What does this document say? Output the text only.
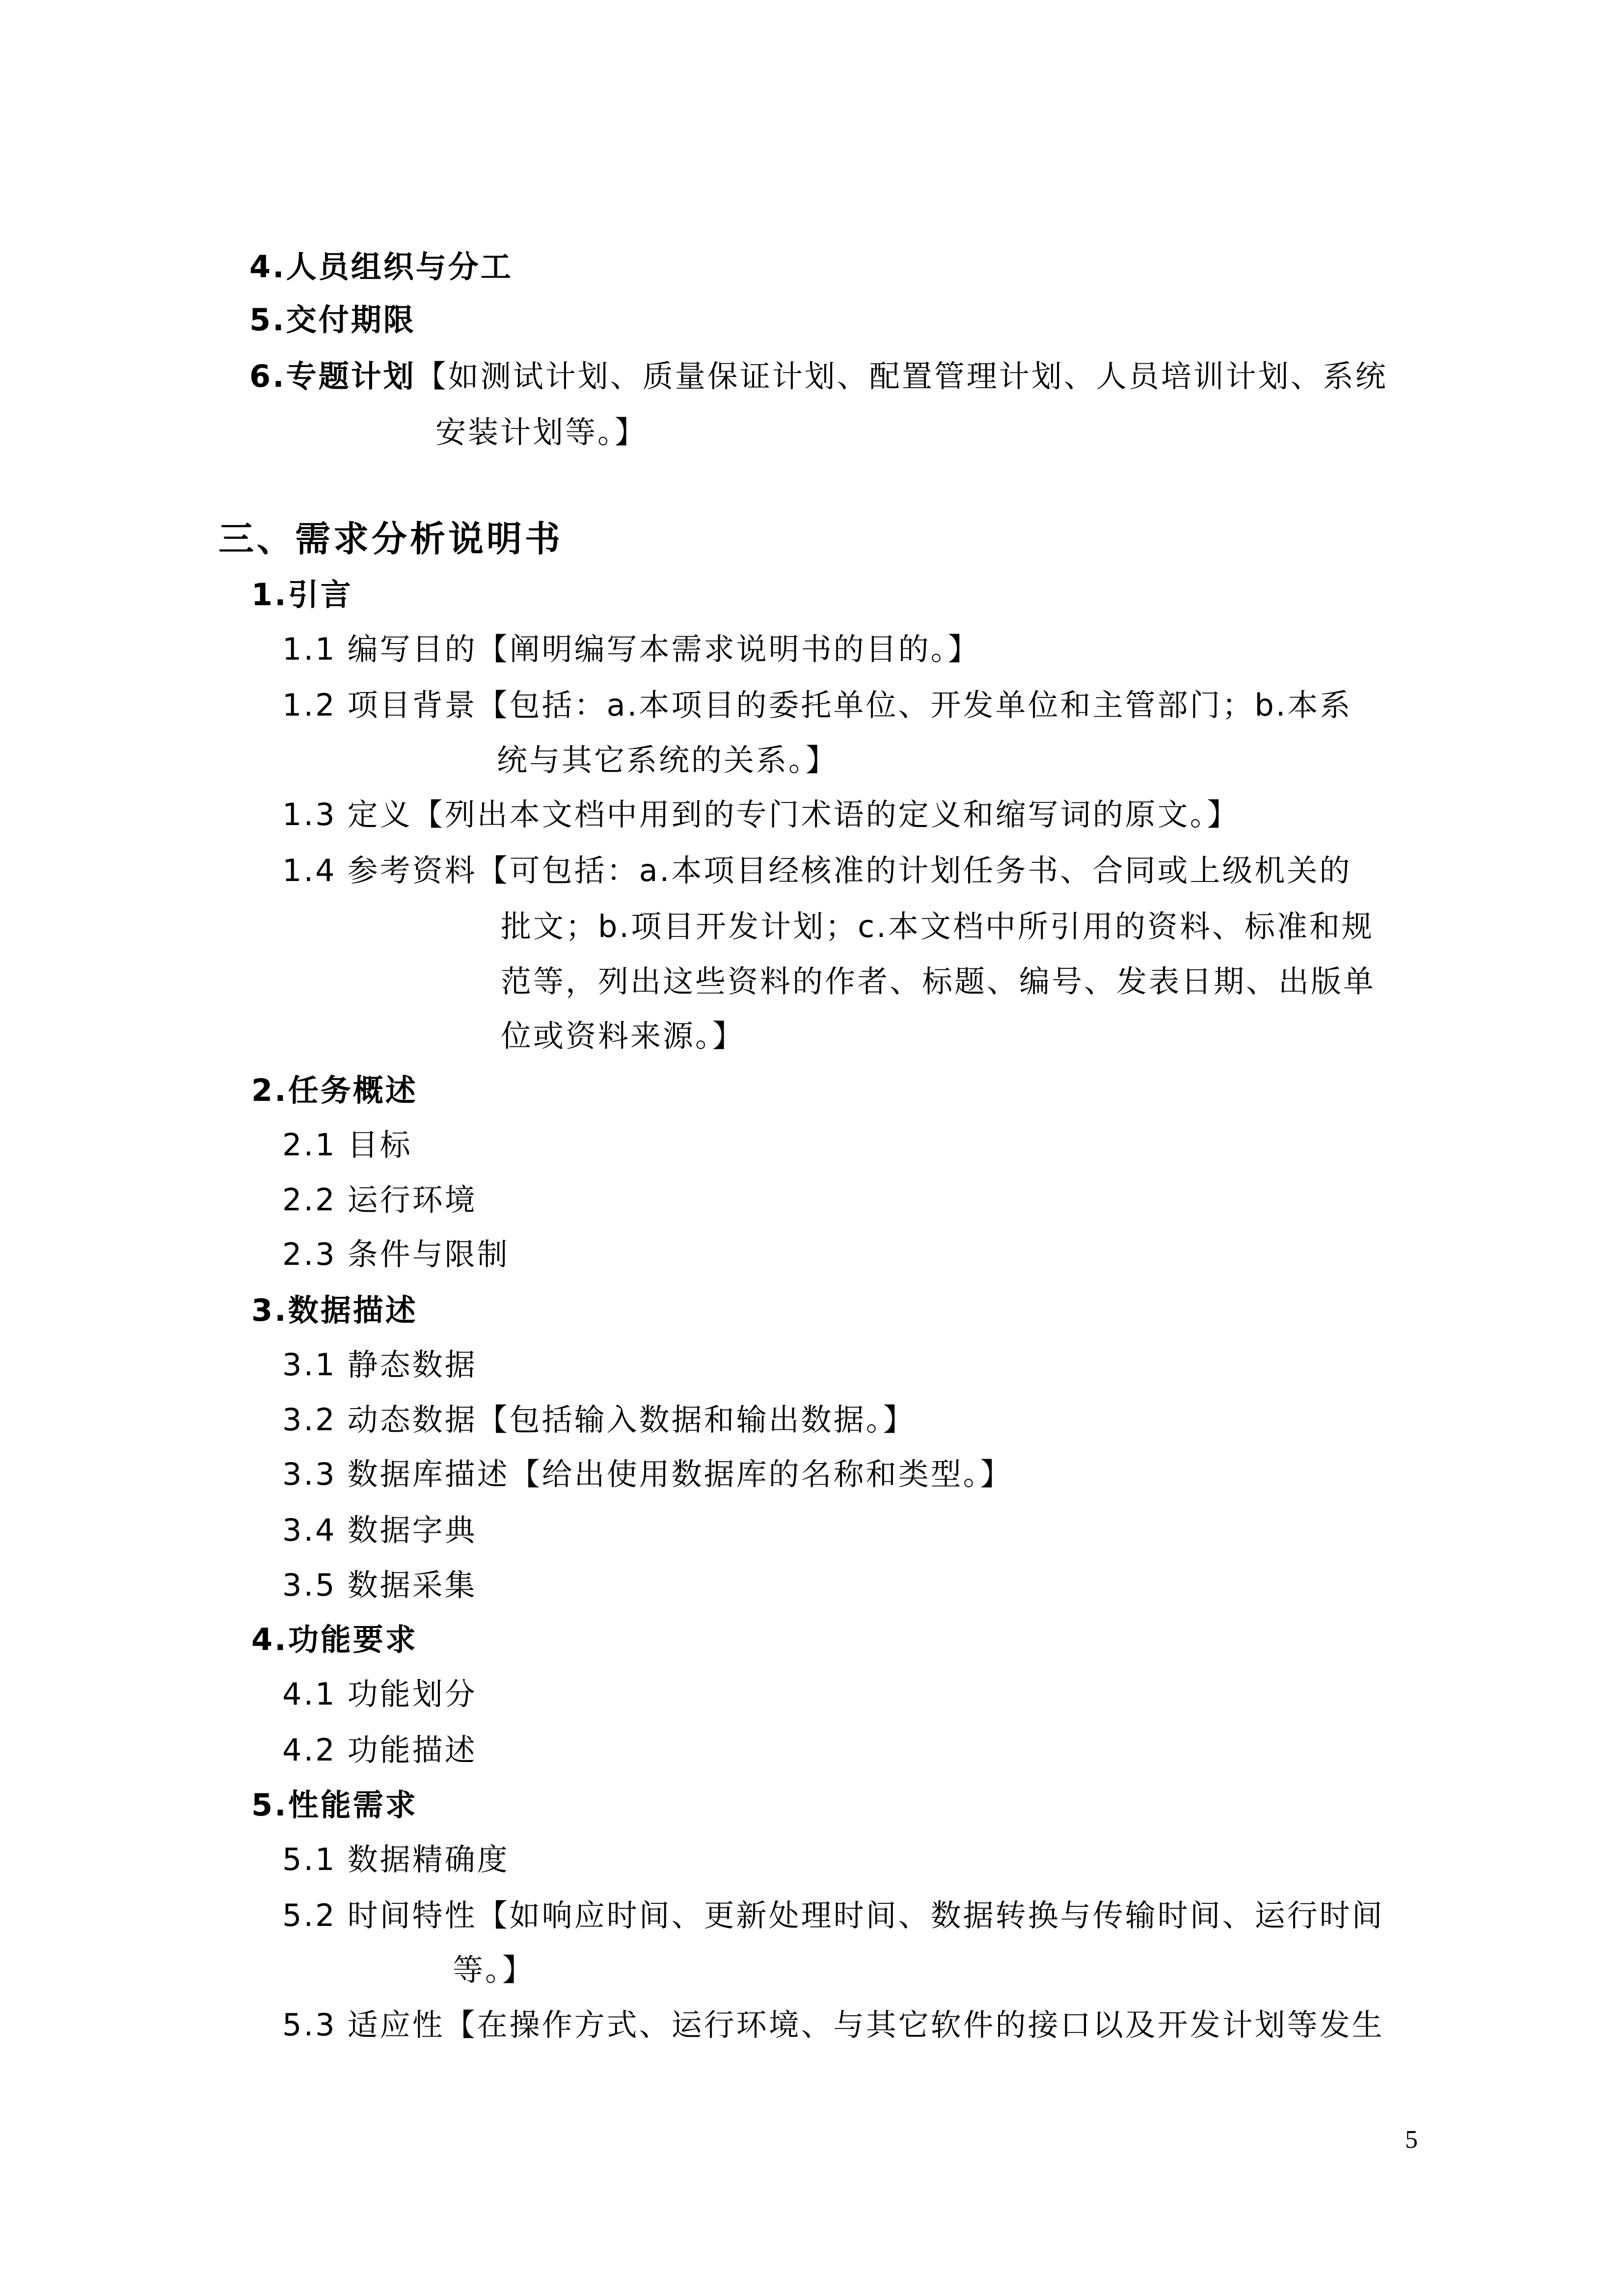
4.人员组织与分工
5.交付期限
6.专题计划【如测试计划、质量保证计划、配置管理计划、人员培训计划、系统
安装计划等。】
三、需求分析说明书
1.引言
1.1 编写目的【阐明编写本需求说明书的目的。】
1.2 项目背景【包括：a.本项目的委托单位、开发单位和主管部门；b.本系
统与其它系统的关系。】
1.3 定义【列出本文档中用到的专门术语的定义和缩写词的原文。】
1.4 参考资料【可包括：a.本项目经核准的计划任务书、合同或上级机关的
批文；b.项目开发计划；c.本文档中所引用的资料、标准和规
范等，列出这些资料的作者、标题、编号、发表日期、出版单
位或资料来源。】
2.任务概述
2.1 目标
2.2 运行环境
2.3 条件与限制
3.数据描述
3.1 静态数据
3.2 动态数据【包括输入数据和输出数据。】
3.3 数据库描述【给出使用数据库的名称和类型。】
3.4 数据字典
3.5 数据采集
4.功能要求
4.1 功能划分
4.2 功能描述
5.性能需求
5.1 数据精确度
5.2 时间特性【如响应时间、更新处理时间、数据转换与传输时间、运行时间
等。】
5.3 适应性【在操作方式、运行环境、与其它软件的接口以及开发计划等发生
5
